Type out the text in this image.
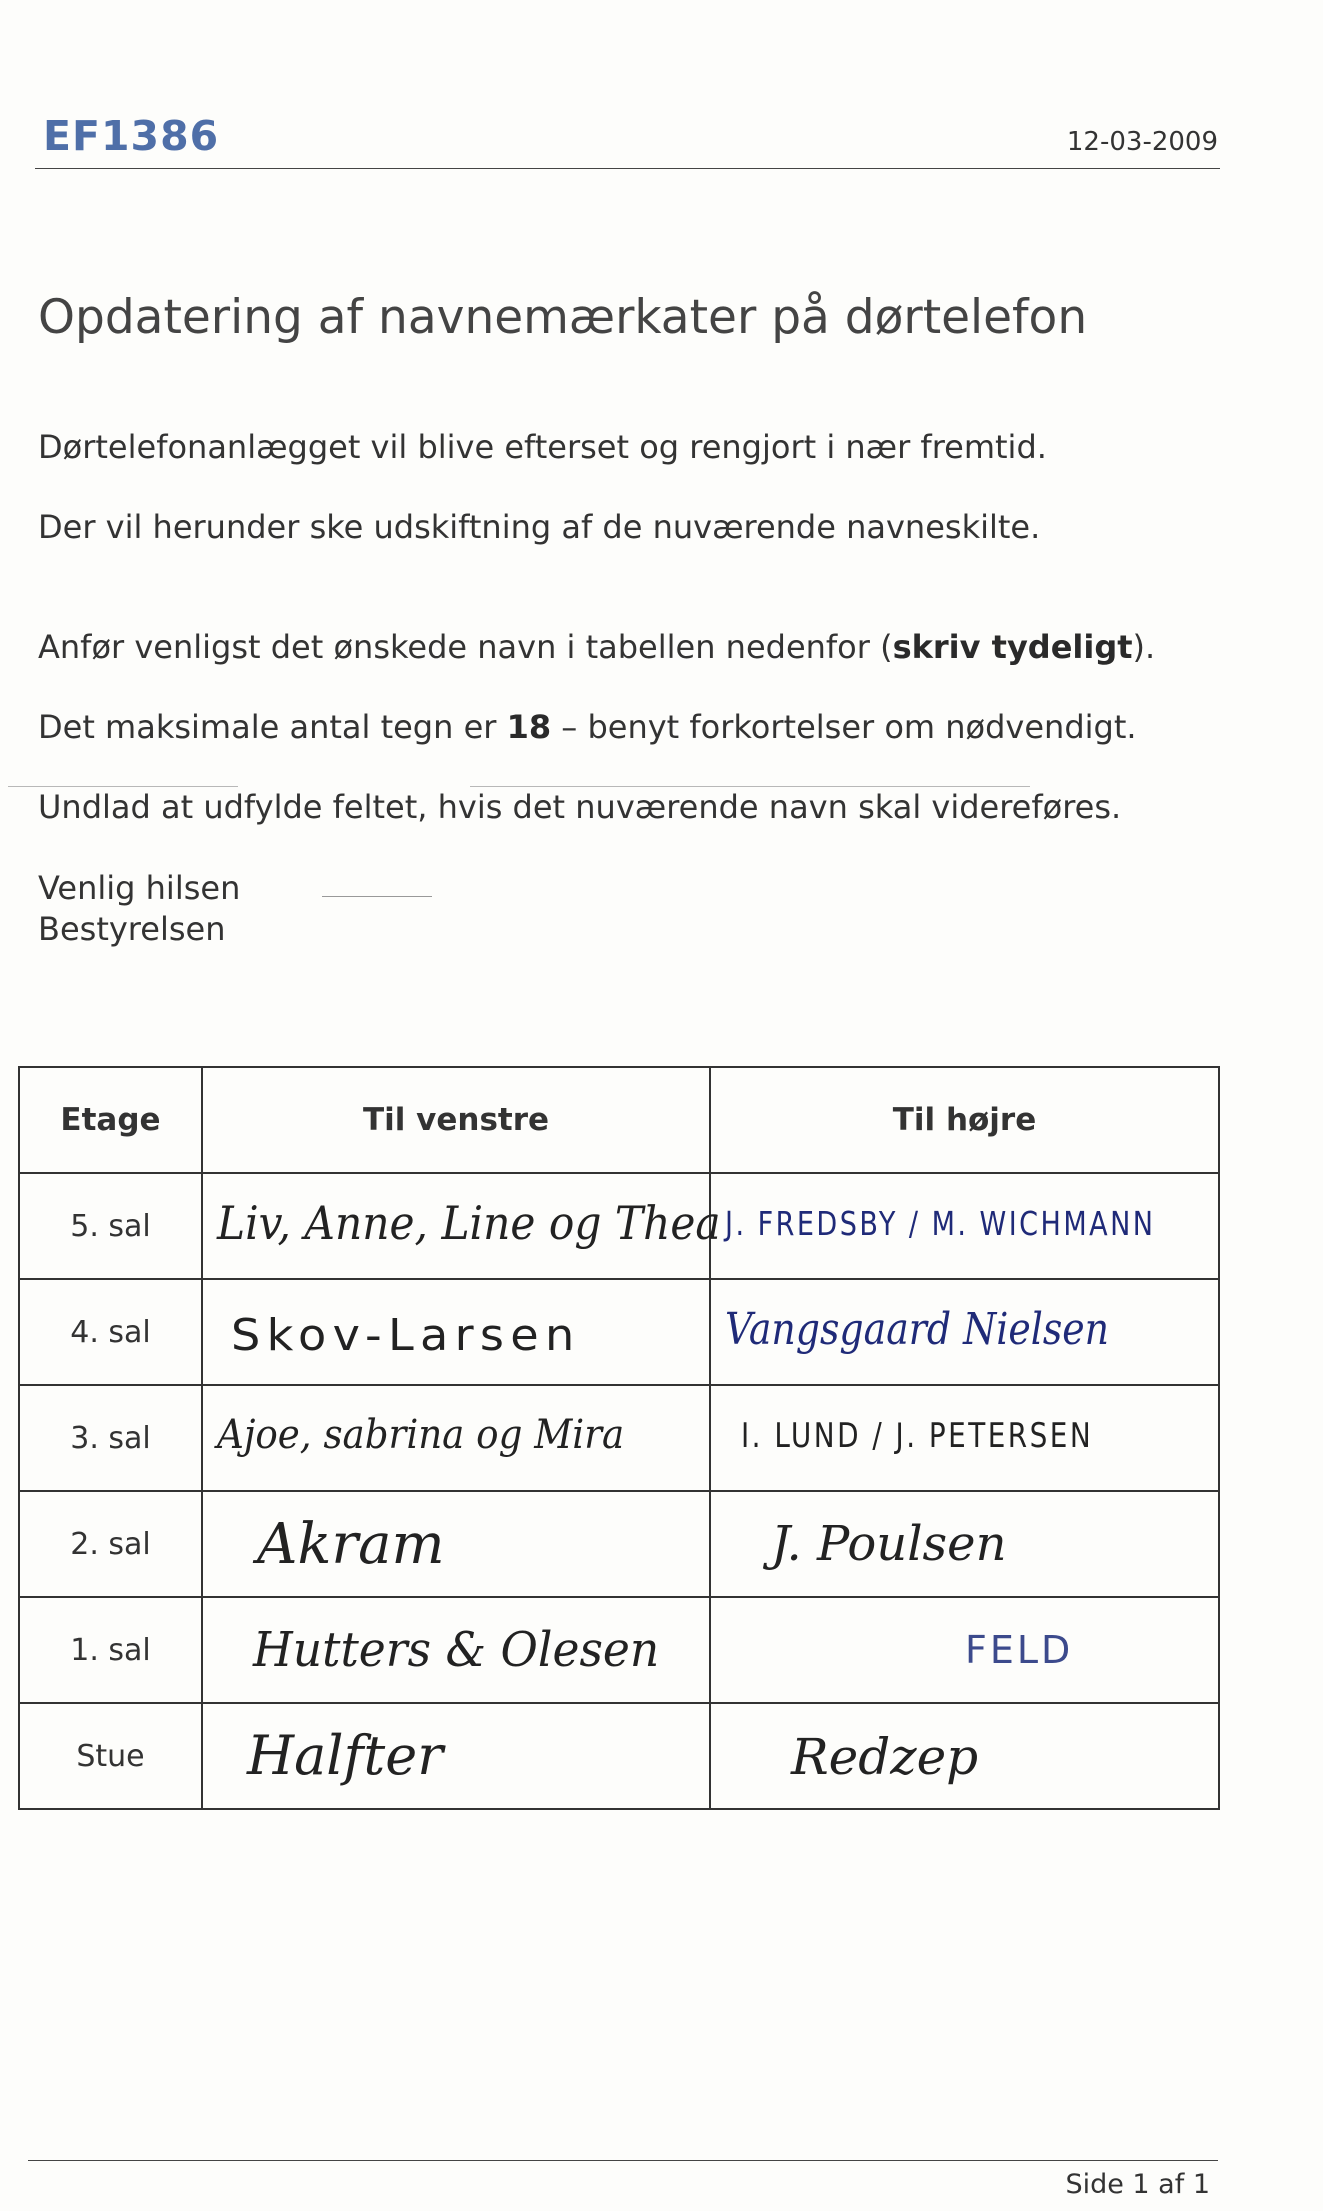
EF1386	12-03-2009
Opdatering af navnemærkater på dørtelefon

Dørtelefonanlægget vil blive efterset og rengjort i nær fremtid.

Der vil herunder ske udskiftning af de nuværende navneskilte.

Anfør venligst det ønskede navn i tabellen nedenfor (skriv tydeligt).

Det maksimale antal tegn er 18 – benyt forkortelser om nødvendigt.

Undlad at udfylde feltet, hvis det nuværende navn skal videreføres.

Venlig hilsen
Bestyrelsen
Etage	Til venstre	Til højre
5. sal	Liv, Anne, Line og Thea	J. FREDSBY / M. WICHMANN

4. sal	Skov-Larsen	Vangsgaard Nielsen

3. sal	Ajoe, sabrina og Mira	I. LUND / J. PETERSEN

2. sal	Akram	J. Poulsen

1. sal	Hutters & Olesen	FELD

Stue	Halfter	Redzep
Side 1 af 1
